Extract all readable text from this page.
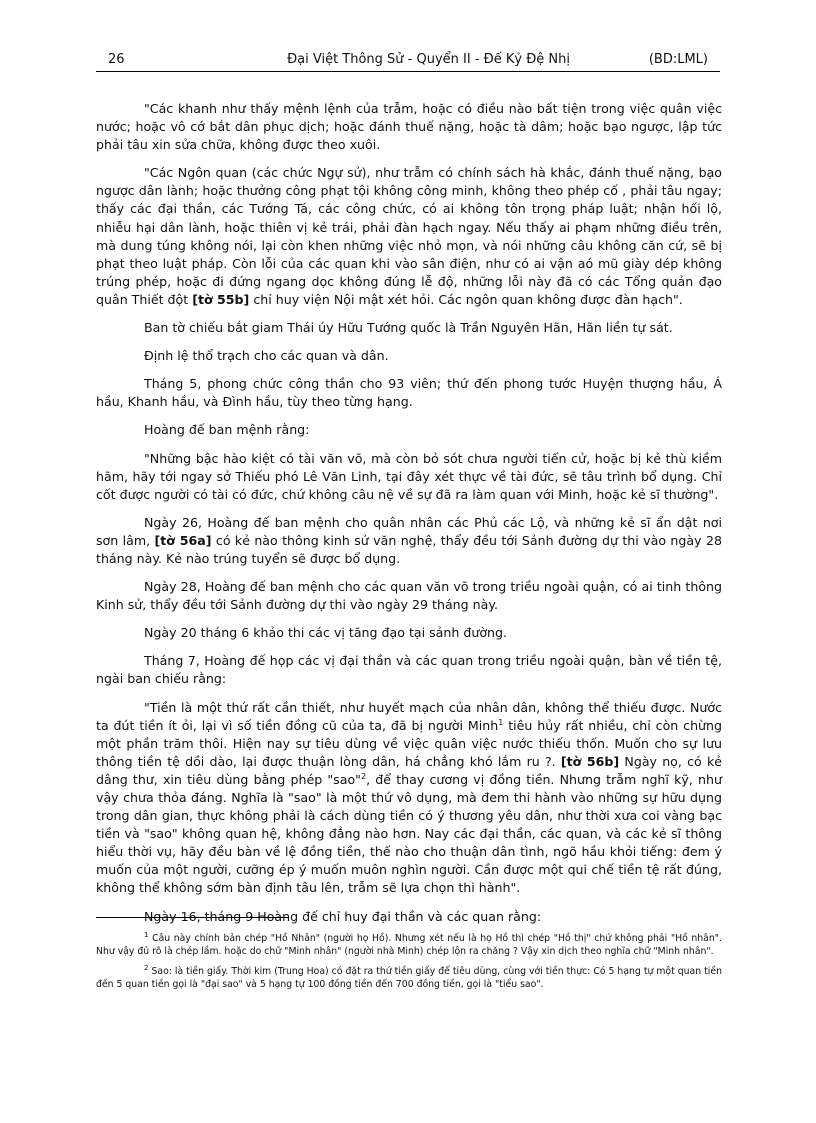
26	Đại Việt Thông Sử - Quyển II - Đế Kỷ Đệ Nhị	(BD:LML)

"Các khanh như thấy mệnh lệnh của trẫm, hoặc có điều nào bất tiện trong việc quân việc nước; hoặc vô cớ bắt dân phục dịch; hoặc đánh thuế nặng, hoặc tà dâm; hoặc bạo ngược, lập tức phải tâu xin sửa chữa, không được theo xuôi.

"Các Ngôn quan (các chức Ngự sử), như trẫm có chính sách hà khắc, đánh thuế nặng, bạo ngược dân lành; hoặc thưởng công phạt tội không công minh, không theo phép cố , phải tâu ngay; thấy các đại thần, các Tướng Tá, các công chức, có ai không tôn trọng pháp luật; nhận hối lộ, nhiễu hại dân lành, hoặc thiên vị kẻ trái, phải đàn hạch ngay. Nếu thấy ai phạm những điều trên, mà dung túng không nói, lại còn khen những việc nhỏ mọn, và nói những câu không căn cứ, sẽ bị phạt theo luật pháp. Còn lỗi của các quan khi vào sân điện, như có ai vận aó mũ giày dép không trúng phép, hoặc đi đứng ngang dọc không đúng lễ độ, những lỗi này đã có các Tổng quản đạo quân Thiết đột [tờ 55b] chỉ huy viện Nội mật xét hỏi. Các ngôn quan không được đàn hạch".

Ban tờ chiếu bắt giam Thái úy Hữu Tướng quốc là Trần Nguyên Hãn, Hãn liền tự sát.

Định lệ thổ trạch cho các quan và dân.

Tháng 5, phong chức công thần cho 93 viên; thứ đến phong tước Huyện thượng hầu, Á hầu, Khanh hầu, và Đình hầu, tùy theo từng hạng.

Hoàng đế ban mệnh rằng:

"Những bậc hào kiệt có tài văn võ, mà còn bỏ sót chưa người tiến cử, hoặc bị kẻ thù kiềm hãm, hãy tới ngay sở Thiếu phó Lê Văn Linh, tại đây xét thực về tài đức, sẽ tâu trình bổ dụng. Chỉ cốt được người có tài có đức, chứ không câu nệ về sự đã ra làm quan với Minh, hoặc kẻ sĩ thường".

Ngày 26, Hoàng đế ban mệnh cho quân nhân các Phủ các Lộ, và những kẻ sĩ ẩn dật nơi sơn lâm, [tờ 56a] có kẻ nào thông kinh sử văn nghệ, thẩy đều tới Sảnh đường dự thi vào ngày 28 tháng này. Kẻ nào trúng tuyển sẽ được bổ dụng.

Ngày 28, Hoàng đế ban mệnh cho các quan văn võ trong triều ngoài quận, có ai tinh thông Kinh sử, thẩy đều tới Sảnh đường dự thi vào ngày 29 tháng này.

Ngày 20 tháng 6 khảo thi các vị tăng đạo tại sảnh đường.

Tháng 7, Hoàng đế họp các vị đại thần và các quan trong triều ngoài quận, bàn về tiền tệ, ngài ban chiếu rằng:

"Tiền là một thứ rất cần thiết, như huyết mạch của nhân dân, không thể thiếu được. Nước ta đút tiền ít ỏi, lại vì số tiền đồng cũ của ta, đã bị người Minh$^1$ tiêu hủy rất nhiều, chỉ còn chừng một phần trăm thôi. Hiện nay sự tiêu dùng về việc quân việc nước thiếu thốn. Muốn cho sự lưu thông tiền tệ dồi dào, lại được thuận lòng dân, há chẳng khó lắm ru ?. [tờ 56b] Ngày nọ, có kẻ dâng thư, xin tiêu dùng bằng phép "sao"$^2$, để thay cương vị đồng tiền. Nhưng trẫm nghĩ kỹ, như vậy chưa thỏa đáng. Nghĩa là "sao" là một thứ vô dụng, mà đem thi hành vào những sự hữu dụng trong dân gian, thực không phải là cách dùng tiền có ý thương yêu dân, như thời xưa coi vàng bạc tiền và "sao" không quan hệ, không đẳng nào hơn. Nay các đại thần, các quan, và các kẻ sĩ thông hiểu thời vụ, hãy đều bàn về lệ đồng tiền, thế nào cho thuận dân tình, ngõ hầu khỏi tiếng: đem ý muốn của một người, cưỡng ép ý muốn muôn nghìn người. Cần được một qui chế tiền tệ rất đúng, không thể không sớm bàn định tâu lên, trẫm sẽ lựa chọn thi hành".

Ngày 16, tháng 9 Hoàng đế chỉ huy đại thần và các quan rằng:

$^1$ Câu này chính bản chép "Hồ Nhân" (người họ Hồ). Nhưng xét nếu là họ Hồ thì chép "Hồ thị" chứ không phải "Hồ nhân". Như vậy đủ rõ là chép lầm. hoặc do chữ "Minh nhân" (người nhà Minh) chép lộn ra chăng ? Vậy xin dịch theo nghĩa chữ "Minh nhân".

$^2$ Sao: là tiền giấy. Thời kim (Trung Hoa) có đặt ra thứ tiền giấy để tiêu dùng, cùng với tiền thực: Có 5 hạng tự một quan tiền đến 5 quan tiền gọi là "đại sao" và 5 hạng tự 100 đồng tiền đến 700 đồng tiền, gọi là "tiểu sao".
